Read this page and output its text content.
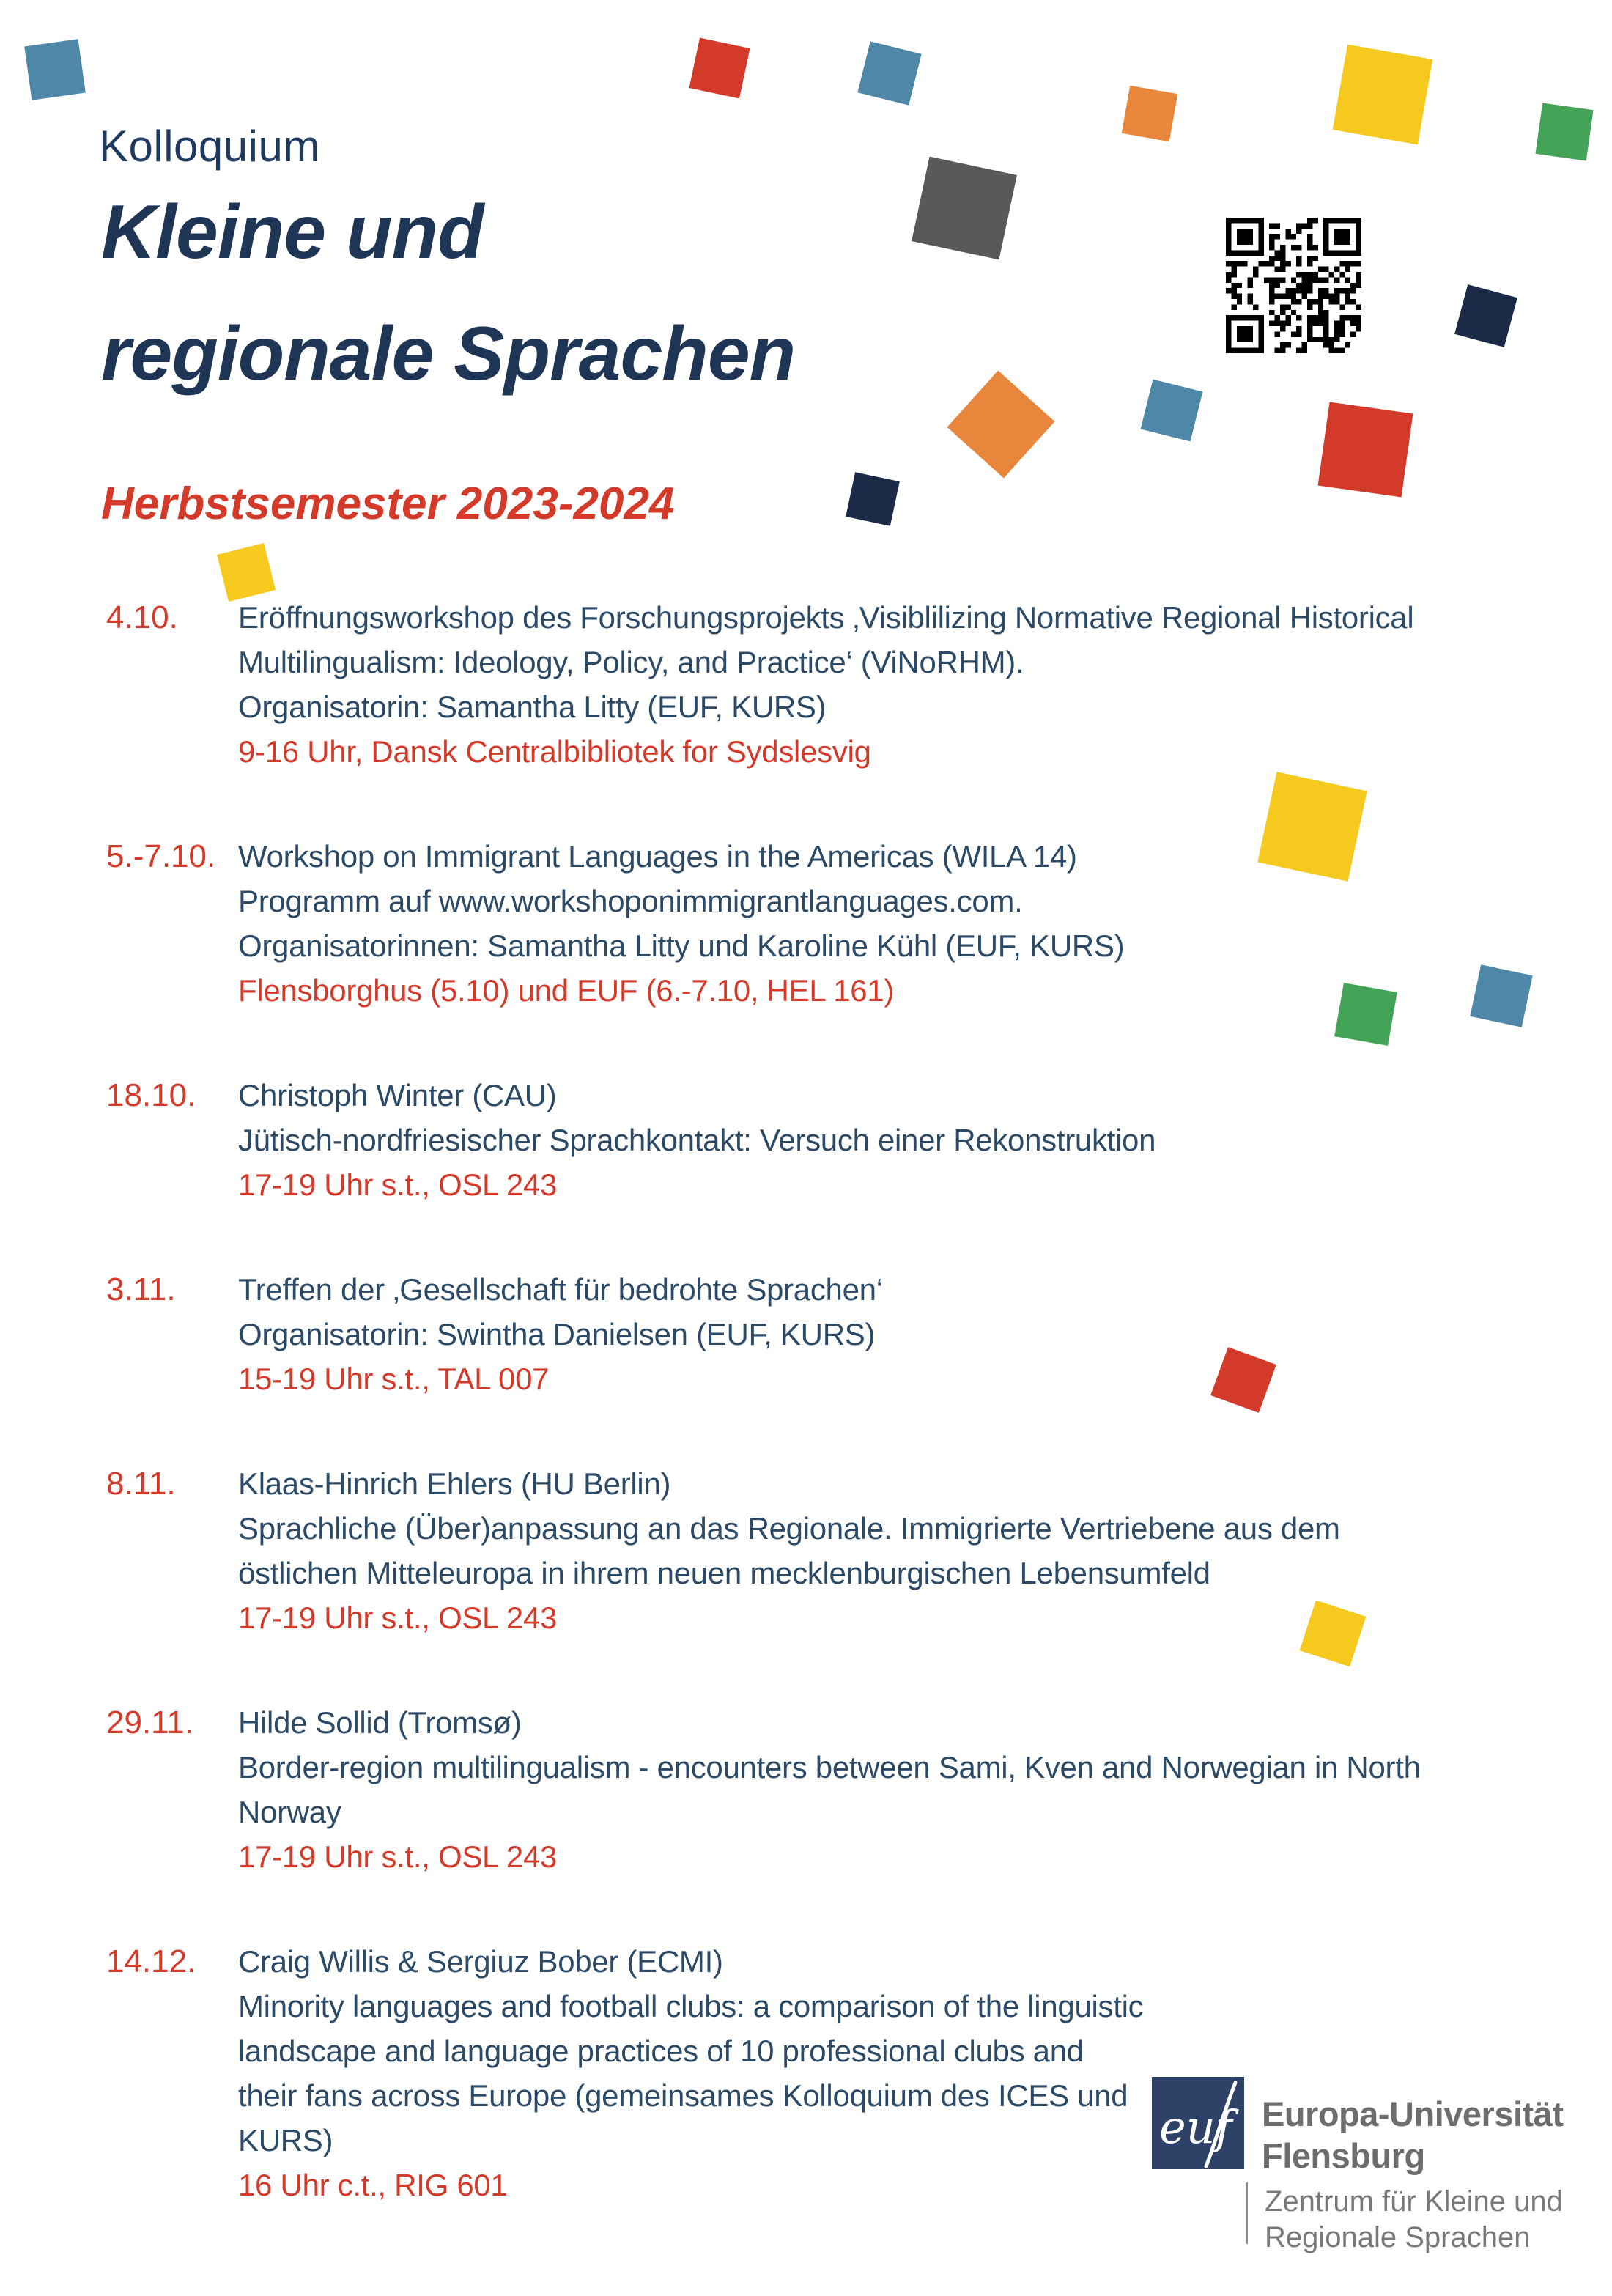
Kolloquium
Kleine und
regionale Sprachen
Herbstsemester 2023-2024
4.10. Eröffnungsworkshop des Forschungsprojekts ‚Visiblilizing Normative Regional Historical
Multilingualism: Ideology, Policy, and Practice‘ (ViNoRHM).
Organisatorin: Samantha Litty (EUF, KURS)
9-16 Uhr, Dansk Centralbibliotek for Sydslesvig
5.-7.10. Workshop on Immigrant Languages in the Americas (WILA 14)
Programm auf www.workshoponimmigrantlanguages.com.
Organisatorinnen: Samantha Litty und Karoline Kühl (EUF, KURS)
Flensborghus (5.10) und EUF (6.-7.10, HEL 161)
18.10. Christoph Winter (CAU)
Jütisch-nordfriesischer Sprachkontakt: Versuch einer Rekonstruktion
17-19 Uhr s.t., OSL 243
3.11. Treffen der ‚Gesellschaft für bedrohte Sprachen‘
Organisatorin: Swintha Danielsen (EUF, KURS)
15-19 Uhr s.t., TAL 007
8.11. Klaas-Hinrich Ehlers (HU Berlin)
Sprachliche (Über)anpassung an das Regionale. Immigrierte Vertriebene aus dem
östlichen Mitteleuropa in ihrem neuen mecklenburgischen Lebensumfeld
17-19 Uhr s.t., OSL 243
29.11. Hilde Sollid (Tromsø)
Border-region multilingualism - encounters between Sami, Kven and Norwegian in North
Norway
17-19 Uhr s.t., OSL 243
14.12. Craig Willis & Sergiuz Bober (ECMI)
Minority languages and football clubs: a comparison of the linguistic
landscape and language practices of 10 professional clubs and
their fans across Europe (gemeinsames Kolloquium des ICES und
KURS)
16 Uhr c.t., RIG 601
euf Europa-Universität
Flensburg
Zentrum für Kleine und
Regionale Sprachen
